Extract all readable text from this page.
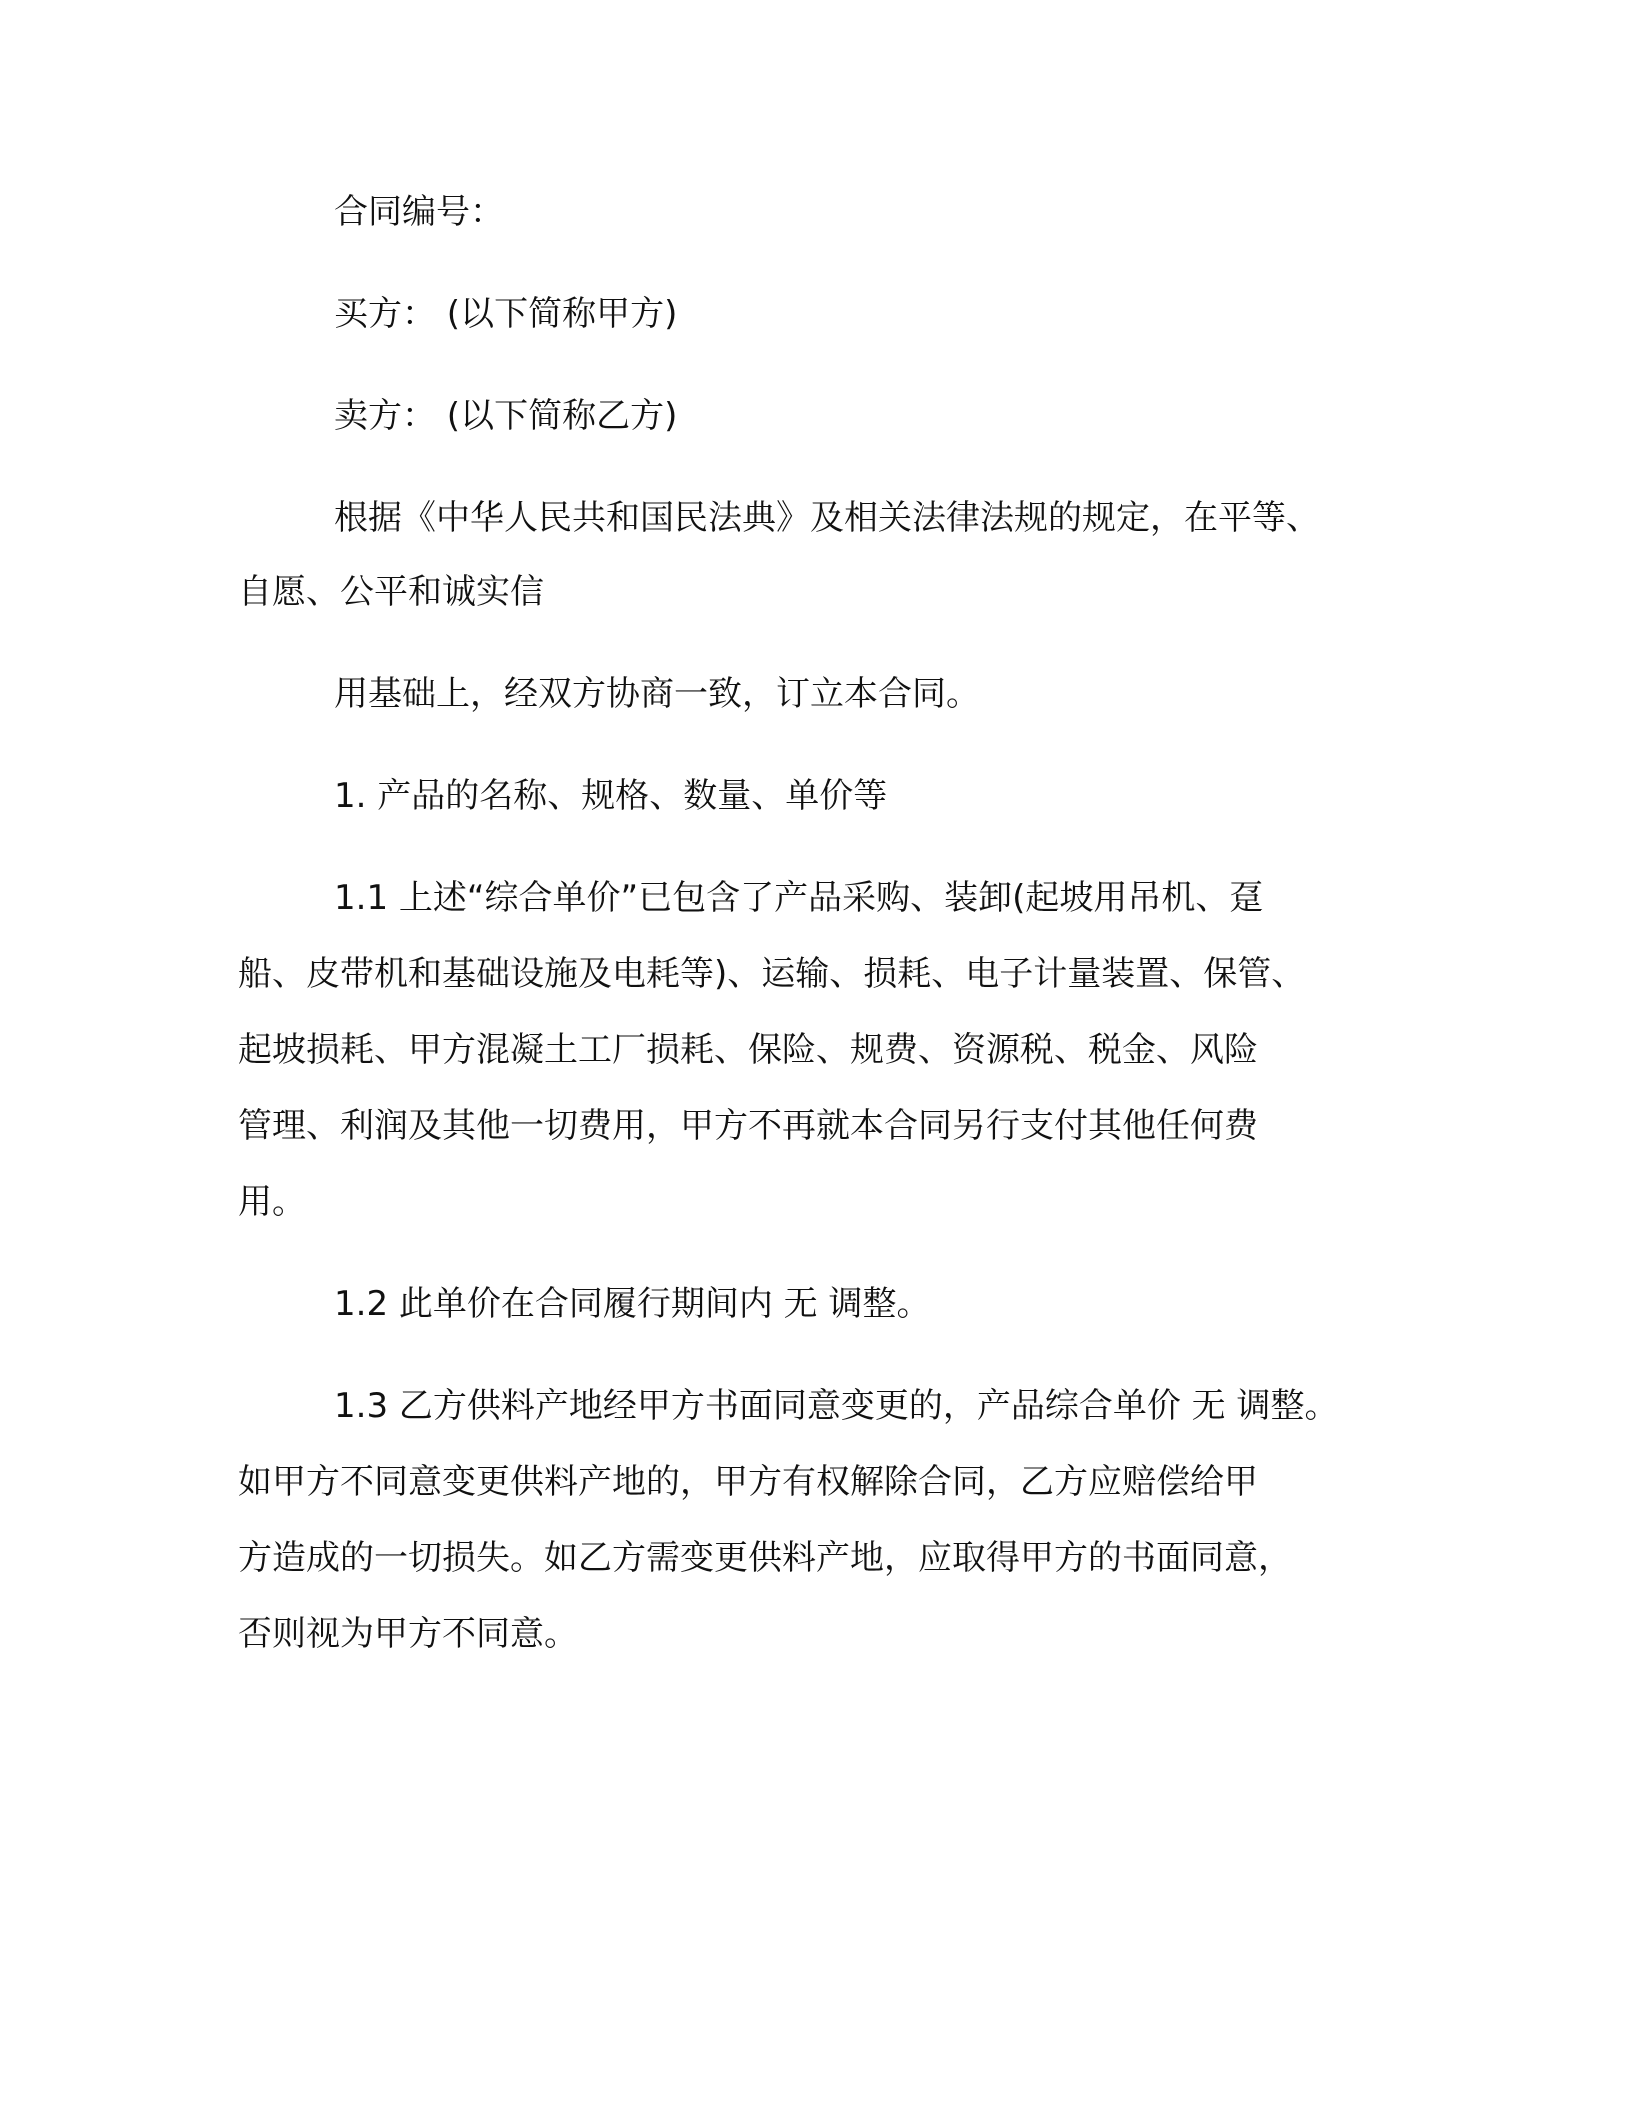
合同编号：
买方： (以下简称甲方)
卖方： (以下简称乙方)
根据《中华人民共和国民法典》及相关法律法规的规定，在平等、
自愿、公平和诚实信
用基础上，经双方协商一致，订立本合同。
1. 产品的名称、规格、数量、单价等
1.1 上述“综合单价”已包含了产品采购、装卸(起坡用吊机、趸
船、皮带机和基础设施及电耗等)、运输、损耗、电子计量装置、保管、
起坡损耗、甲方混凝土工厂损耗、保险、规费、资源税、税金、风险
管理、利润及其他一切费用，甲方不再就本合同另行支付其他任何费
用。
1.2 此单价在合同履行期间内 无 调整。
1.3 乙方供料产地经甲方书面同意变更的，产品综合单价 无 调整。
如甲方不同意变更供料产地的，甲方有权解除合同，乙方应赔偿给甲
方造成的一切损失。如乙方需变更供料产地，应取得甲方的书面同意，
否则视为甲方不同意。
